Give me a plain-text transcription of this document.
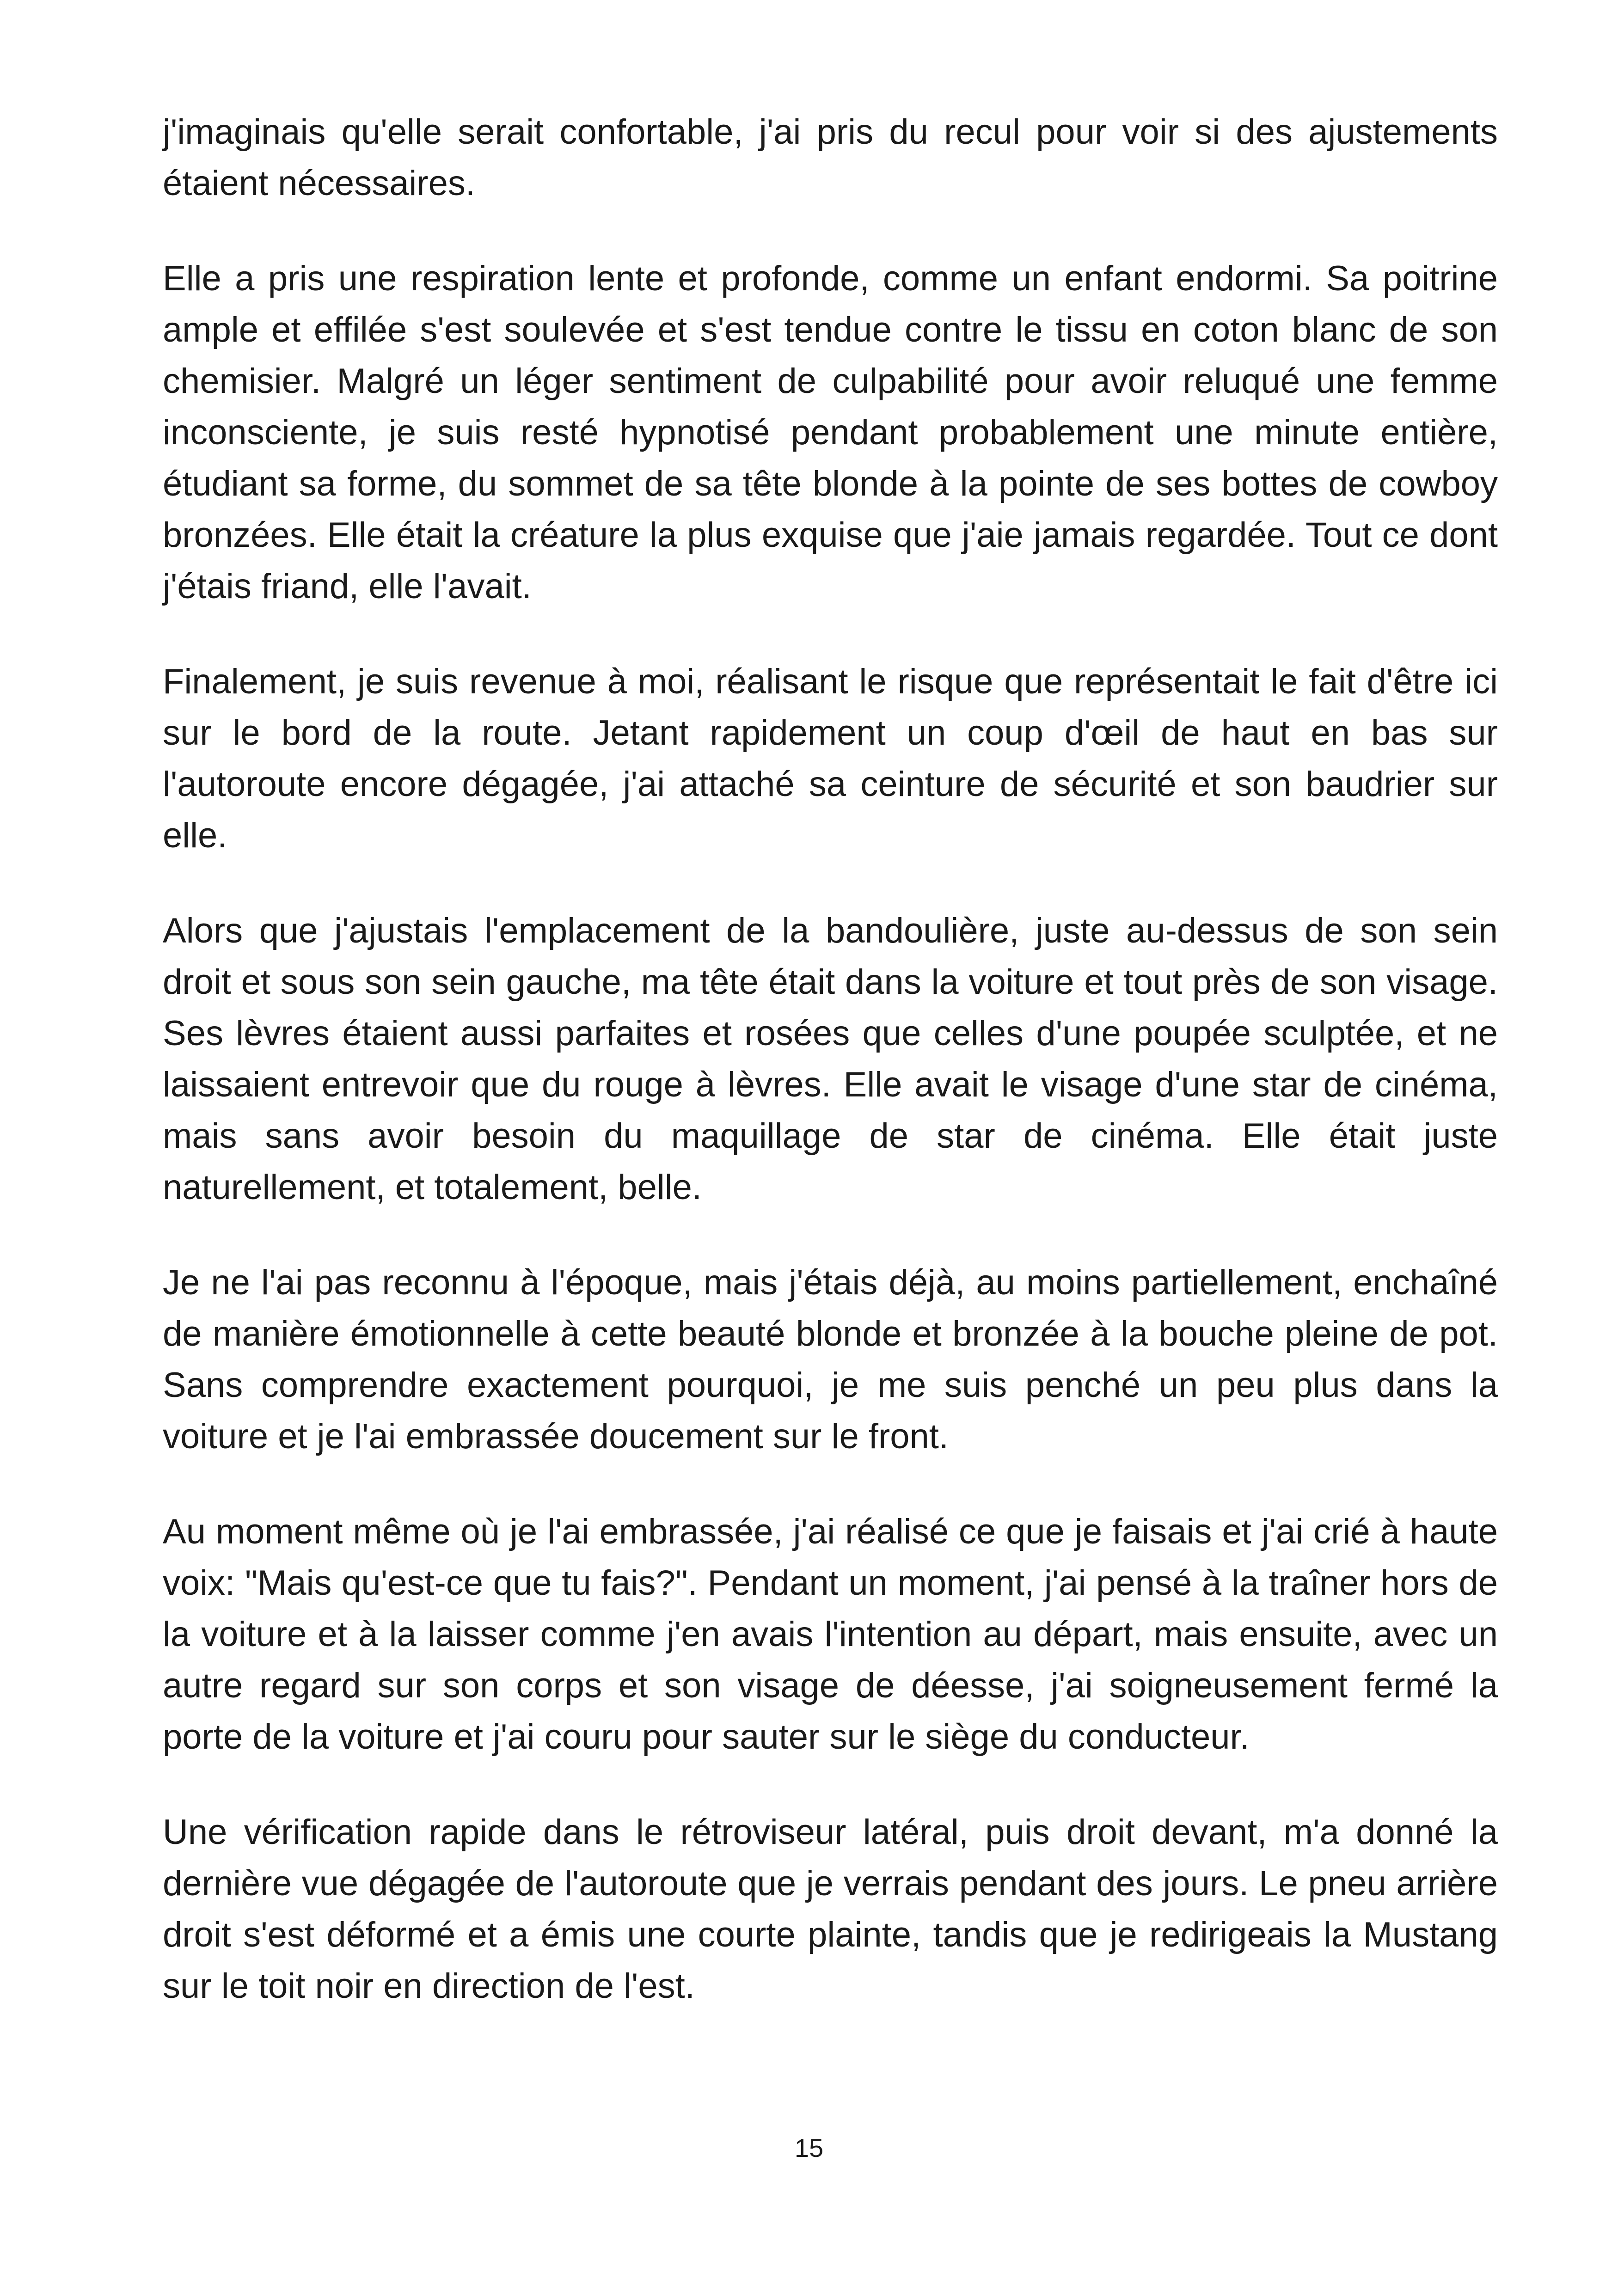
j'imaginais qu'elle serait confortable, j'ai pris du recul pour voir si des ajustements étaient nécessaires.

Elle a pris une respiration lente et profonde, comme un enfant endormi. Sa poitrine ample et effilée s'est soulevée et s'est tendue contre le tissu en coton blanc de son chemisier. Malgré un léger sentiment de culpabilité pour avoir reluqué une femme inconsciente, je suis resté hypnotisé pendant probablement une minute entière, étudiant sa forme, du sommet de sa tête blonde à la pointe de ses bottes de cowboy bronzées. Elle était la créature la plus exquise que j'aie jamais regardée. Tout ce dont j'étais friand, elle l'avait.

Finalement, je suis revenue à moi, réalisant le risque que représentait le fait d'être ici sur le bord de la route. Jetant rapidement un coup d'œil de haut en bas sur l'autoroute encore dégagée, j'ai attaché sa ceinture de sécurité et son baudrier sur elle.

Alors que j'ajustais l'emplacement de la bandoulière, juste au-dessus de son sein droit et sous son sein gauche, ma tête était dans la voiture et tout près de son visage. Ses lèvres étaient aussi parfaites et rosées que celles d'une poupée sculptée, et ne laissaient entrevoir que du rouge à lèvres. Elle avait le visage d'une star de cinéma, mais sans avoir besoin du maquillage de star de cinéma. Elle était juste naturellement, et totalement, belle.

Je ne l'ai pas reconnu à l'époque, mais j'étais déjà, au moins partiellement, enchaîné de manière émotionnelle à cette beauté blonde et bronzée à la bouche pleine de pot. Sans comprendre exactement pourquoi, je me suis penché un peu plus dans la voiture et je l'ai embrassée doucement sur le front.

Au moment même où je l'ai embrassée, j'ai réalisé ce que je faisais et j'ai crié à haute voix: "Mais qu'est-ce que tu fais?". Pendant un moment, j'ai pensé à la traîner hors de la voiture et à la laisser comme j'en avais l'intention au départ, mais ensuite, avec un autre regard sur son corps et son visage de déesse, j'ai soigneusement fermé la porte de la voiture et j'ai couru pour sauter sur le siège du conducteur.

Une vérification rapide dans le rétroviseur latéral, puis droit devant, m'a donné la dernière vue dégagée de l'autoroute que je verrais pendant des jours. Le pneu arrière droit s'est déformé et a émis une courte plainte, tandis que je redirigeais la Mustang sur le toit noir en direction de l'est.

15
